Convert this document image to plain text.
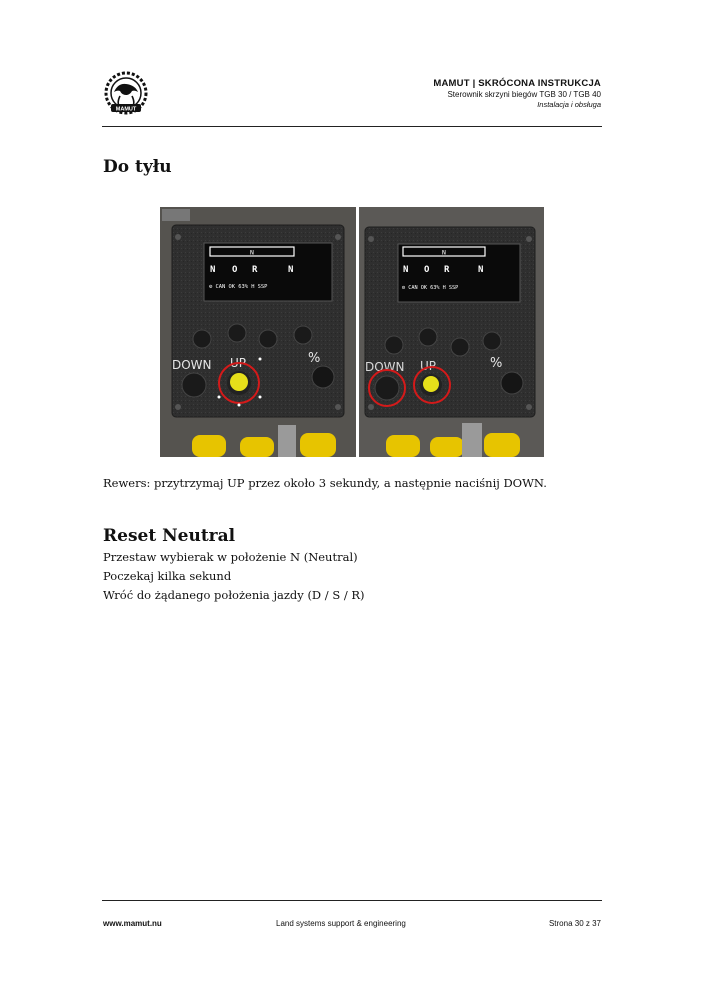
MAMUT
MAMUT | SKRÓCONA INSTRUKCJA
Sterownik skrzyni biegów TGB 30 / TGB 40
Instalacja i obsługa
Do tyłu
N
N O R	N
⚙ CAN OK 63% H SSP
DOWN UP	%
N
N O R	N
⚙ CAN OK 63% H SSP
DOWN UP	%
Rewers: przytrzymaj UP przez około 3 sekundy, a następnie naciśnij DOWN.
Reset Neutral
Przestaw wybierak w położenie N (Neutral)
Poczekaj kilka sekund
Wróć do żądanego położenia jazdy (D / S / R)
www.mamut.nu	Land systems support & engineering	Strona 30 z 37
